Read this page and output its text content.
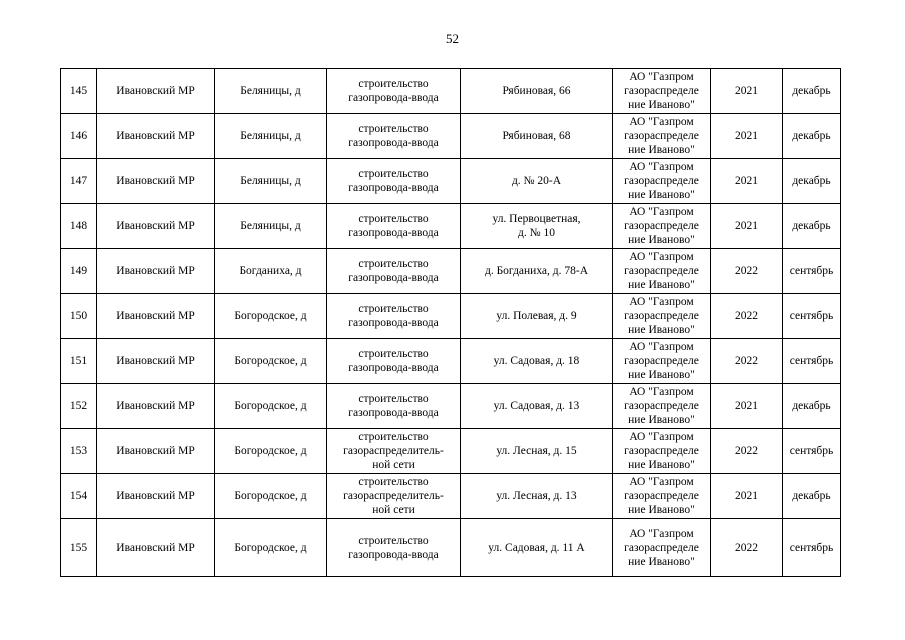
52
145	Ивановский МР	Беляницы, д	строительство
газопровода-ввода	Рябиновая, 66	АО "Газпром
газораспределе
ние Иваново"	2021	декабрь
146	Ивановский МР	Беляницы, д	строительство
газопровода-ввода	Рябиновая, 68	АО "Газпром
газораспределе
ние Иваново"	2021	декабрь
147	Ивановский МР	Беляницы, д	строительство
газопровода-ввода	д. № 20-А	АО "Газпром
газораспределе
ние Иваново"	2021	декабрь
148	Ивановский МР	Беляницы, д	строительство
газопровода-ввода	ул. Первоцветная,
д. № 10	АО "Газпром
газораспределе
ние Иваново"	2021	декабрь
149	Ивановский МР	Богданиха, д	строительство
газопровода-ввода	д. Богданиха, д. 78-А	АО "Газпром
газораспределе
ние Иваново"	2022	сентябрь
150	Ивановский МР	Богородское, д	строительство
газопровода-ввода	ул. Полевая, д. 9	АО "Газпром
газораспределе
ние Иваново"	2022	сентябрь
151	Ивановский МР	Богородское, д	строительство
газопровода-ввода	ул. Садовая, д. 18	АО "Газпром
газораспределе
ние Иваново"	2022	сентябрь
152	Ивановский МР	Богородское, д	строительство
газопровода-ввода	ул. Садовая, д. 13	АО "Газпром
газораспределе
ние Иваново"	2021	декабрь
153	Ивановский МР	Богородское, д	строительство
газораспределитель-
ной сети	ул. Лесная, д. 15	АО "Газпром
газораспределе
ние Иваново"	2022	сентябрь
154	Ивановский МР	Богородское, д	строительство
газораспределитель-
ной сети	ул. Лесная, д. 13	АО "Газпром
газораспределе
ние Иваново"	2021	декабрь
155	Ивановский МР	Богородское, д	строительство
газопровода-ввода	ул. Садовая, д. 11 А	АО "Газпром
газораспределе
ние Иваново"	2022	сентябрь
